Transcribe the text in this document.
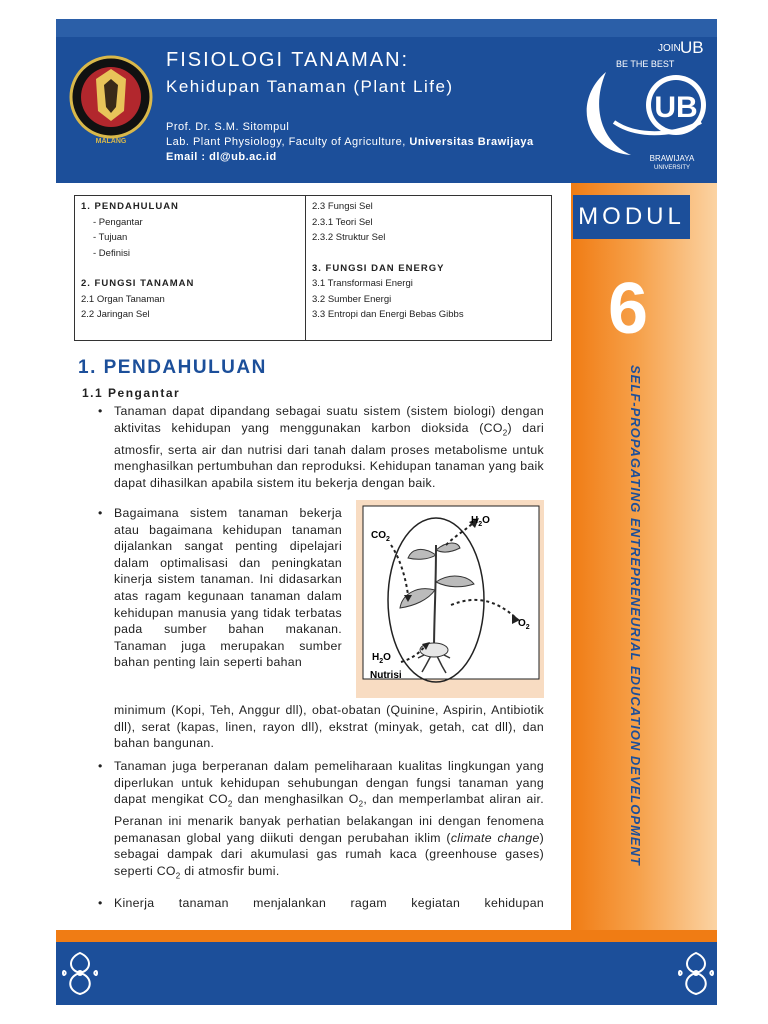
MALANG
FISIOLOGI TANAMAN:
Kehidupan Tanaman (Plant Life)
Prof. Dr. S.M. Sitompul
Lab. Plant Physiology, Faculty of Agriculture, Universitas Brawijaya
Email : dl@ub.ac.id
JOIN UB
BE THE BEST
UB
BRAWIJAYA
UNIVERSITY
MODUL
6
SELF-PROPAGATING ENTREPRENEURIAL EDUCATION DEVELOPMENT
1. PENDAHULUAN
- Pengantar
- Tujuan
- Definisi
2. FUNGSI TANAMAN
2.1 Organ Tanaman
2.2 Jaringan Sel
2.3 Fungsi Sel
2.3.1 Teori Sel
2.3.2 Struktur Sel
3. FUNGSI DAN ENERGY
3.1 Transformasi Energi
3.2 Sumber Energi
3.3 Entropi dan Energi Bebas Gibbs
1. PENDAHULUAN
1.1 Pengantar
• Tanaman dapat dipandang sebagai suatu sistem (sistem biologi) dengan aktivitas kehidupan yang menggunakan karbon dioksida $(CO_2)$ dari atmosfir, serta air dan nutrisi dari tanah dalam proses metabolisme untuk menghasilkan pertumbuhan dan reproduksi. Kehidupan tanaman yang baik dapat dihasilkan apabila sistem itu bekerja dengan baik.
• Bagaimana sistem tanaman bekerja atau bagaimana kehidupan tanaman dijalankan sangat penting dipelajari dalam optimalisasi dan peningkatan kinerja sistem tanaman. Ini didasarkan atas ragam kegunaan tanaman dalam kehidupan manusia yang tidak terbatas pada sumber bahan makanan. Tanaman juga merupakan sumber bahan penting lain seperti bahan
minimum (Kopi, Teh, Anggur dll), obat-obatan (Quinine, Aspirin, Antibiotik dll), serat (kapas, linen, rayon dll), ekstrat (minyak, getah, cat dll), dan bahan bangunan.
$CO_2$
$H_2O$
$O_2$
$H_2O$
Nutrisi
• Tanaman juga berperanan dalam pemeliharaan kualitas lingkungan yang diperlukan untuk kehidupan sehubungan dengan fungsi tanaman yang dapat mengikat $CO_2$ dan menghasilkan $O_2$, dan memperlambat aliran air. Peranan ini menarik banyak perhatian belakangan ini dengan fenomena pemanasan global yang diikuti dengan perubahan iklim (climate change) sebagai dampak dari akumulasi gas rumah kaca (greenhouse gases) seperti $CO_2$ di atmosfir bumi.
• Kinerja tanaman menjalankan ragam kegiatan kehidupan
